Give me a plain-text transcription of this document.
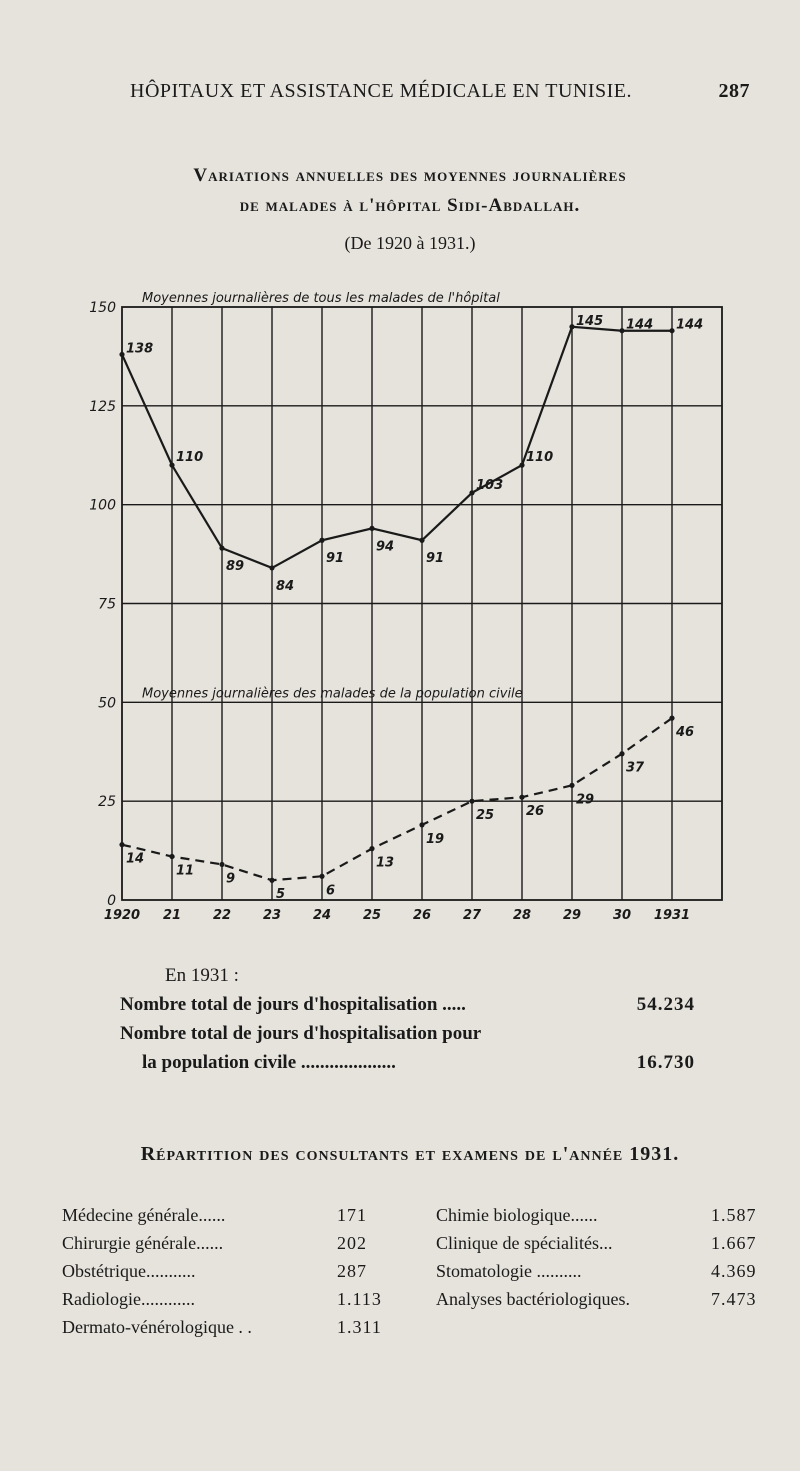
HÔPITAUX ET ASSISTANCE MÉDICALE EN TUNISIE.	287
Variations annuelles des moyennes journalières
de malades à l'hôpital Sidi-Abdallah.
(De 1920 à 1931.)
0
25
50
75
100
125
150
1920 21 22 23 24 25 26 27 28 29 30 1931
138
110
89
84
91
94
91
103
110
145 144 144
Moyennes journalières de tous les malades de l'hôpital
14
11
9
5	6
13
19
25 26
29
37
46
Moyennes journalières des malades de la population civile
En 1931 :
Nombre total de jours d'hospitalisation .....	54.234
Nombre total de jours d'hospitalisation pour
la population civile ....................	16.730
Répartition des consultants et examens de l'année 1931.
Médecine générale......	171
Chirurgie générale......	202
Obstétrique...........	287
Radiologie............	1.113
Dermato-vénérologique . .	1.311
Chimie biologique......	1.587
Clinique de spécialités...	1.667
Stomatologie ..........	4.369
Analyses bactériologiques.	7.473
